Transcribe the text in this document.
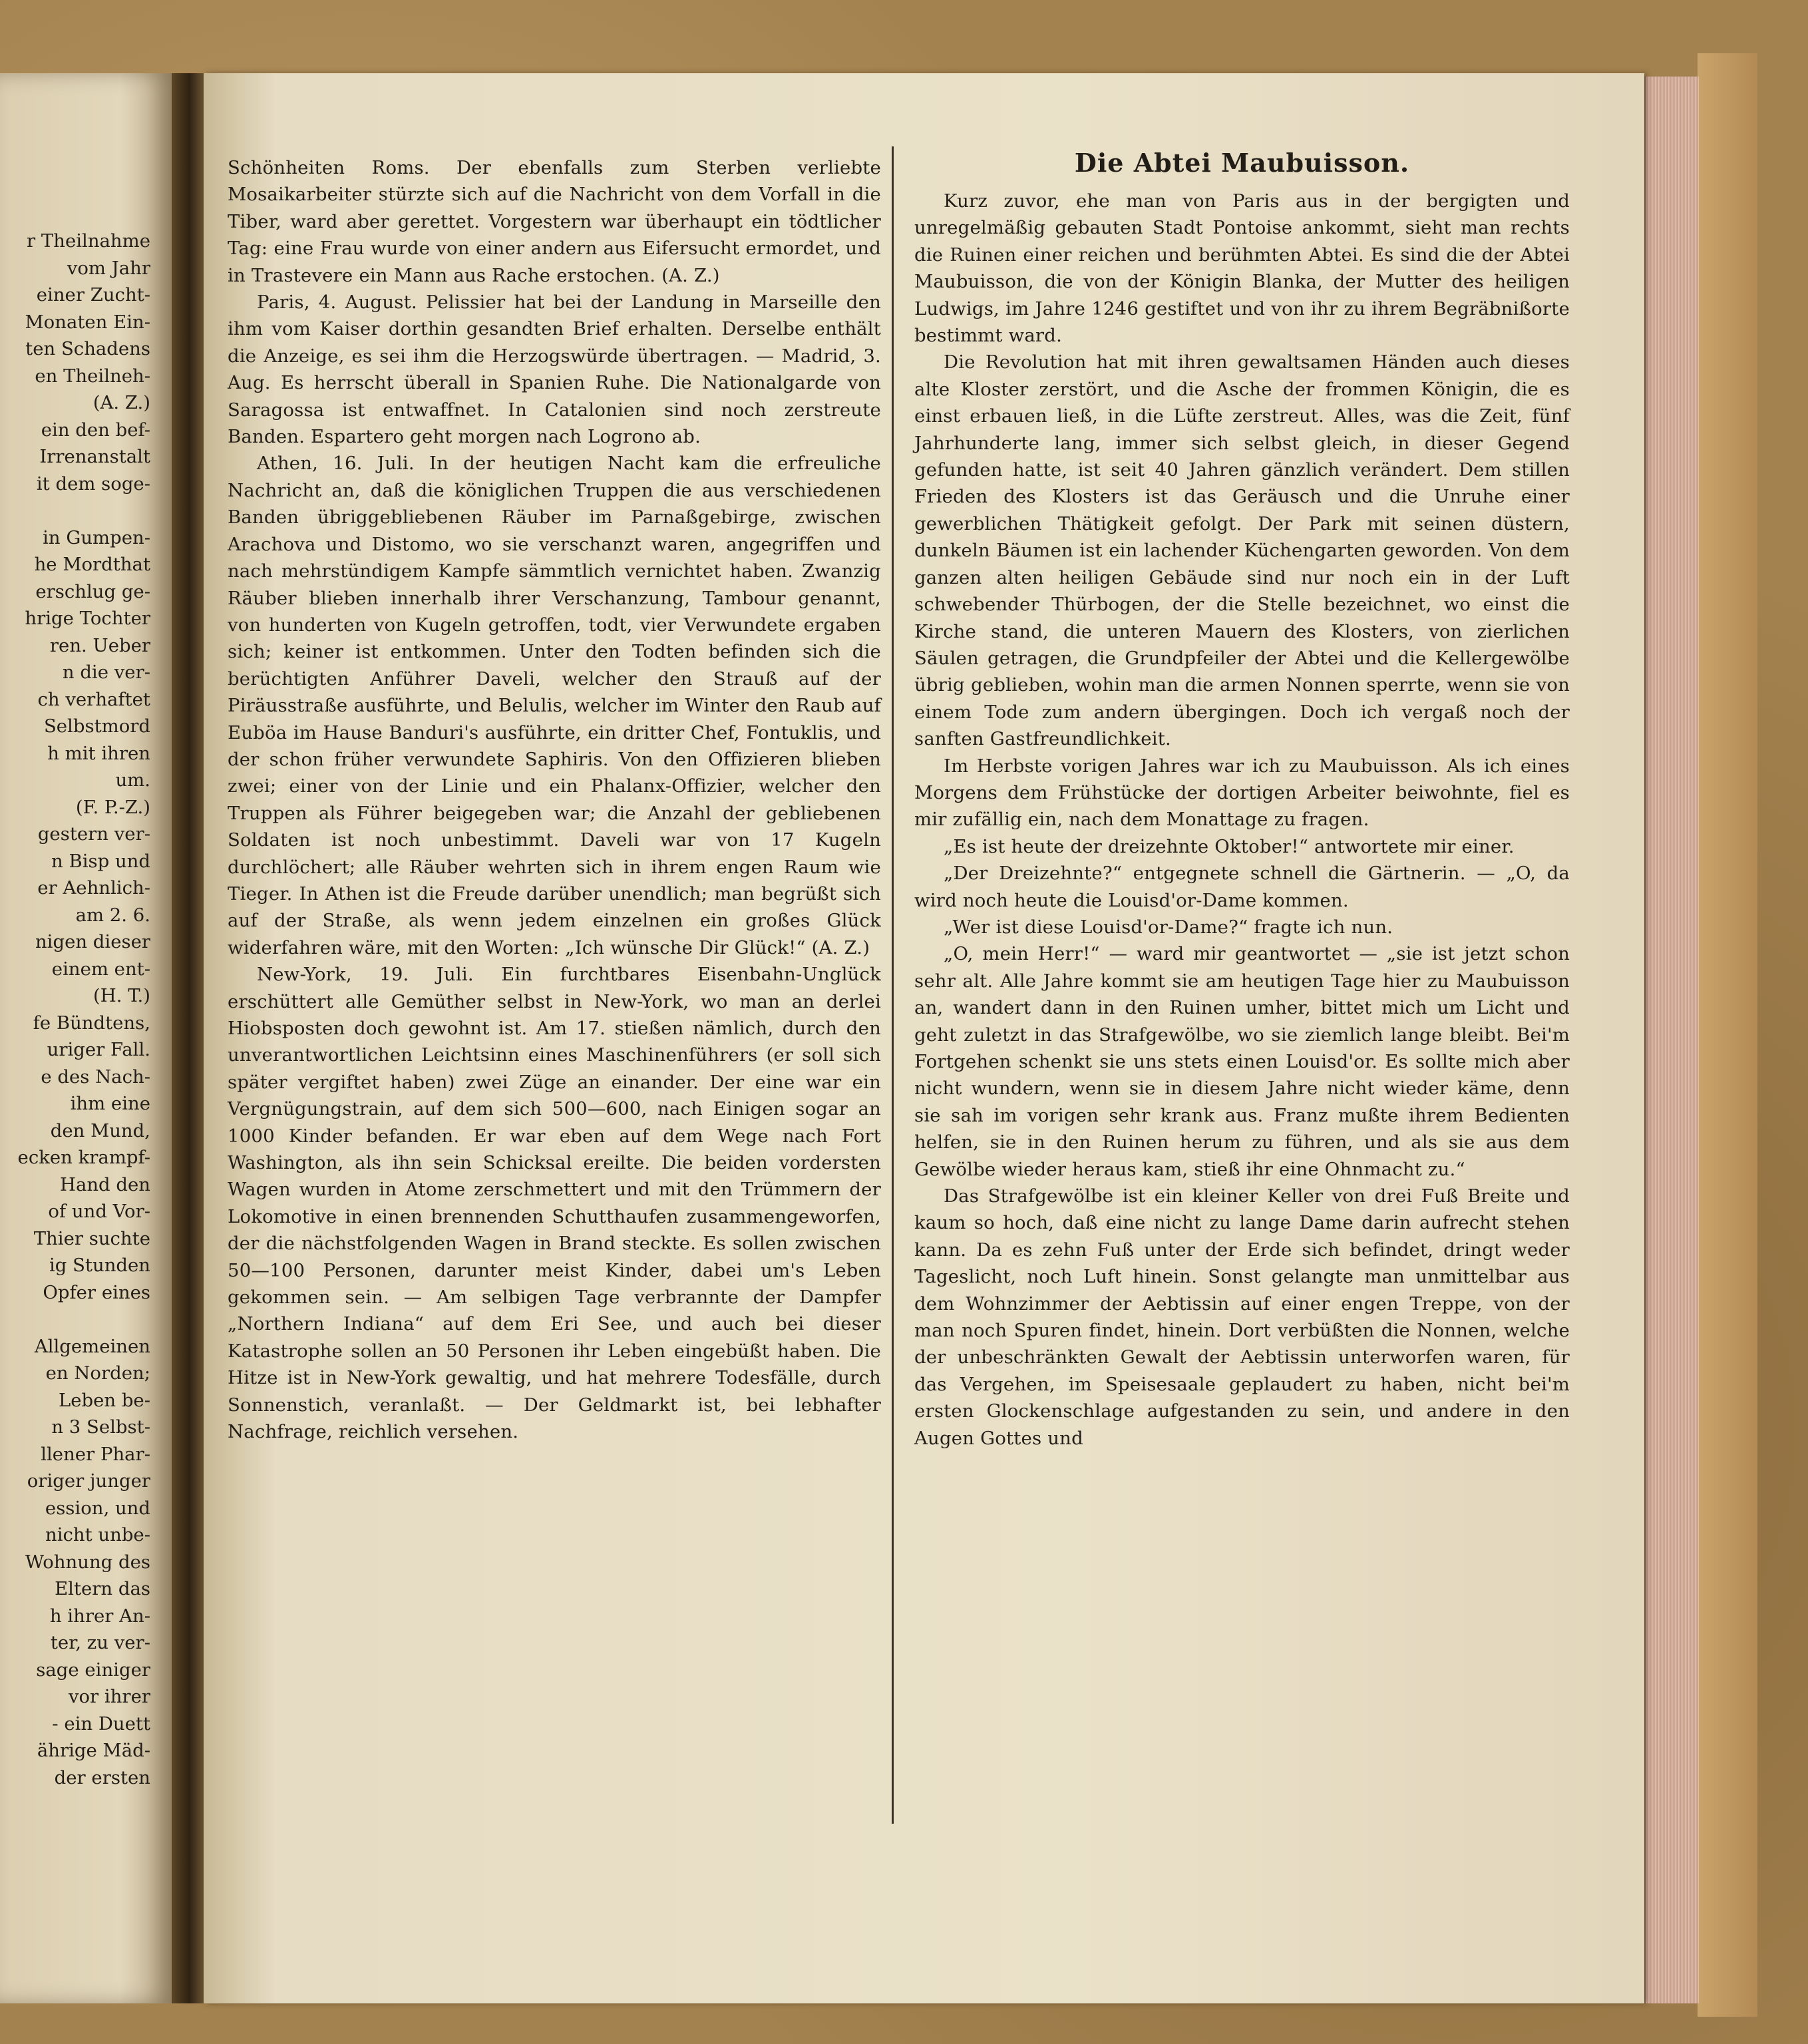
r Theilnahme
vom Jahr
einer Zucht-
Monaten Ein-
ten Schadens
en Theilneh-
(A. Z.)
ein den bef-
Irrenanstalt
it dem soge-

in Gumpen-
he Mordthat
erschlug ge-
hrige Tochter
ren. Ueber
n die ver-
ch verhaftet
Selbstmord
h mit ihren
um.
(F. P.-Z.)
gestern ver-
n Bisp und
er Aehnlich-
am 2. 6.
nigen dieser
einem ent-
(H. T.)
fe Bündtens,
uriger Fall.
e des Nach-
ihm eine
den Mund,
ecken krampf-
Hand den
of und Vor-
Thier suchte
ig Stunden
Opfer eines

Allgemeinen
en Norden;
Leben be-
n 3 Selbst-
llener Phar-
origer junger
ession, und
nicht unbe-
Wohnung des
Eltern das
h ihrer An-
ter, zu ver-
sage einiger
vor ihrer
- ein Duett
ährige Mäd-
der ersten

Schönheiten Roms. Der ebenfalls zum Sterben verliebte Mosaikarbeiter stürzte sich auf die Nachricht von dem Vorfall in die Tiber, ward aber gerettet. Vorgestern war überhaupt ein tödtlicher Tag: eine Frau wurde von einer andern aus Eifersucht ermordet, und in Trastevere ein Mann aus Rache erstochen. (A. Z.)

Paris, 4. August. Pelissier hat bei der Landung in Marseille den ihm vom Kaiser dorthin gesandten Brief erhalten. Derselbe enthält die Anzeige, es sei ihm die Herzogswürde übertragen. — Madrid, 3. Aug. Es herrscht überall in Spanien Ruhe. Die Nationalgarde von Saragossa ist entwaffnet. In Catalonien sind noch zerstreute Banden. Espartero geht morgen nach Logrono ab.

Athen, 16. Juli. In der heutigen Nacht kam die erfreuliche Nachricht an, daß die königlichen Truppen die aus verschiedenen Banden übriggebliebenen Räuber im Parnaßgebirge, zwischen Arachova und Distomo, wo sie verschanzt waren, angegriffen und nach mehrstündigem Kampfe sämmtlich vernichtet haben. Zwanzig Räuber blieben innerhalb ihrer Verschanzung, Tambour genannt, von hunderten von Kugeln getroffen, todt, vier Verwundete ergaben sich; keiner ist entkommen. Unter den Todten befinden sich die berüchtigten Anführer Daveli, welcher den Strauß auf der Piräusstraße ausführte, und Belulis, welcher im Winter den Raub auf Euböa im Hause Banduri's ausführte, ein dritter Chef, Fontuklis, und der schon früher verwundete Saphiris. Von den Offizieren blieben zwei; einer von der Linie und ein Phalanx-Offizier, welcher den Truppen als Führer beigegeben war; die Anzahl der gebliebenen Soldaten ist noch unbestimmt. Daveli war von 17 Kugeln durchlöchert; alle Räuber wehrten sich in ihrem engen Raum wie Tieger. In Athen ist die Freude darüber unendlich; man begrüßt sich auf der Straße, als wenn jedem einzelnen ein großes Glück widerfahren wäre, mit den Worten: „Ich wünsche Dir Glück!“ (A. Z.)

New-York, 19. Juli. Ein furchtbares Eisenbahn-Unglück erschüttert alle Gemüther selbst in New-York, wo man an derlei Hiobsposten doch gewohnt ist. Am 17. stießen nämlich, durch den unverantwortlichen Leichtsinn eines Maschinenführers (er soll sich später vergiftet haben) zwei Züge an einander. Der eine war ein Vergnügungstrain, auf dem sich 500—600, nach Einigen sogar an 1000 Kinder befanden. Er war eben auf dem Wege nach Fort Washington, als ihn sein Schicksal ereilte. Die beiden vordersten Wagen wurden in Atome zerschmettert und mit den Trümmern der Lokomotive in einen brennenden Schutthaufen zusammengeworfen, der die nächstfolgenden Wagen in Brand steckte. Es sollen zwischen 50—100 Personen, darunter meist Kinder, dabei um's Leben gekommen sein. — Am selbigen Tage verbrannte der Dampfer „Northern Indiana“ auf dem Eri See, und auch bei dieser Katastrophe sollen an 50 Personen ihr Leben eingebüßt haben. Die Hitze ist in New-York gewaltig, und hat mehrere Todesfälle, durch Sonnenstich, veranlaßt. — Der Geldmarkt ist, bei lebhafter Nachfrage, reichlich versehen.

Die Abtei Maubuisson.

Kurz zuvor, ehe man von Paris aus in der bergigten und unregelmäßig gebauten Stadt Pontoise ankommt, sieht man rechts die Ruinen einer reichen und berühmten Abtei. Es sind die der Abtei Maubuisson, die von der Königin Blanka, der Mutter des heiligen Ludwigs, im Jahre 1246 gestiftet und von ihr zu ihrem Begräbnißorte bestimmt ward.

Die Revolution hat mit ihren gewaltsamen Händen auch dieses alte Kloster zerstört, und die Asche der frommen Königin, die es einst erbauen ließ, in die Lüfte zerstreut. Alles, was die Zeit, fünf Jahrhunderte lang, immer sich selbst gleich, in dieser Gegend gefunden hatte, ist seit 40 Jahren gänzlich verändert. Dem stillen Frieden des Klosters ist das Geräusch und die Unruhe einer gewerblichen Thätigkeit gefolgt. Der Park mit seinen düstern, dunkeln Bäumen ist ein lachender Küchengarten geworden. Von dem ganzen alten heiligen Gebäude sind nur noch ein in der Luft schwebender Thürbogen, der die Stelle bezeichnet, wo einst die Kirche stand, die unteren Mauern des Klosters, von zierlichen Säulen getragen, die Grundpfeiler der Abtei und die Kellergewölbe übrig geblieben, wohin man die armen Nonnen sperrte, wenn sie von einem Tode zum andern übergingen. Doch ich vergaß noch der sanften Gastfreundlichkeit.

Im Herbste vorigen Jahres war ich zu Maubuisson. Als ich eines Morgens dem Frühstücke der dortigen Arbeiter beiwohnte, fiel es mir zufällig ein, nach dem Monattage zu fragen.

„Es ist heute der dreizehnte Oktober!“ antwortete mir einer.

„Der Dreizehnte?“ entgegnete schnell die Gärtnerin. — „O, da wird noch heute die Louisd'or-Dame kommen.

„Wer ist diese Louisd'or-Dame?“ fragte ich nun.

„O, mein Herr!“ — ward mir geantwortet — „sie ist jetzt schon sehr alt. Alle Jahre kommt sie am heutigen Tage hier zu Maubuisson an, wandert dann in den Ruinen umher, bittet mich um Licht und geht zuletzt in das Strafgewölbe, wo sie ziemlich lange bleibt. Bei'm Fortgehen schenkt sie uns stets einen Louisd'or. Es sollte mich aber nicht wundern, wenn sie in diesem Jahre nicht wieder käme, denn sie sah im vorigen sehr krank aus. Franz mußte ihrem Bedienten helfen, sie in den Ruinen herum zu führen, und als sie aus dem Gewölbe wieder heraus kam, stieß ihr eine Ohnmacht zu.“

Das Strafgewölbe ist ein kleiner Keller von drei Fuß Breite und kaum so hoch, daß eine nicht zu lange Dame darin aufrecht stehen kann. Da es zehn Fuß unter der Erde sich befindet, dringt weder Tageslicht, noch Luft hinein. Sonst gelangte man unmittelbar aus dem Wohnzimmer der Aebtissin auf einer engen Treppe, von der man noch Spuren findet, hinein. Dort verbüßten die Nonnen, welche der unbeschränkten Gewalt der Aebtissin unterworfen waren, für das Vergehen, im Speisesaale geplaudert zu haben, nicht bei'm ersten Glockenschlage aufgestanden zu sein, und andere in den Augen Gottes und
